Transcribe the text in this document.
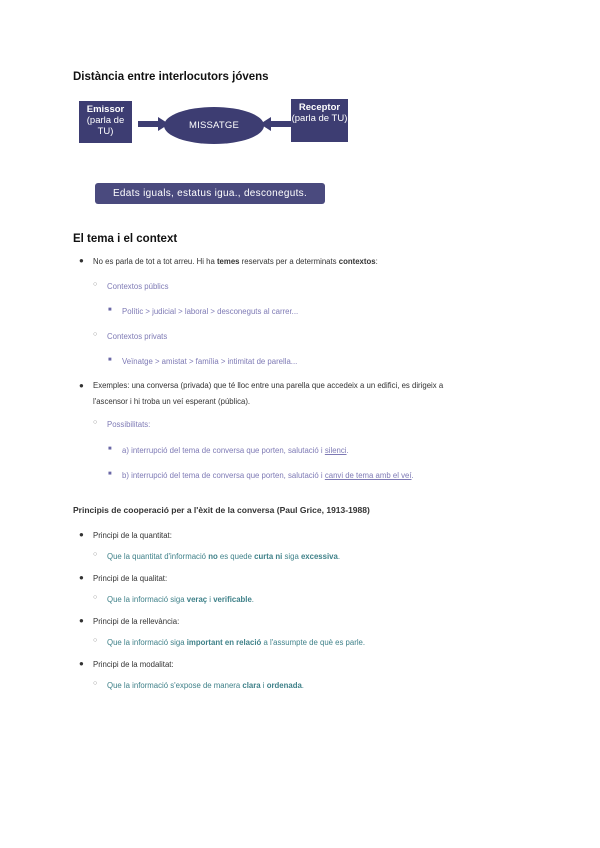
Distància entre interlocutors jóvens
Emissor
(parla de TU)
MISSATGE
Receptor
(parla de TU)
Edats iguals, estatus igua., desconeguts.
El tema i el context
● No es parla de tot a tot arreu. Hi ha temes reservats per a determinats contextos:
○ Contextos públics
■ Polític > judicial > laboral > desconeguts al carrer...
○ Contextos privats
■ Veïnatge > amistat > família > intimitat de parella...
● Exemples: una conversa (privada) que té lloc entre una parella que accedeix a un edifici, es dirigeix a
l'ascensor i hi troba un veí esperant (pública).
○ Possibilitats:
■ a) interrupció del tema de conversa que porten, salutació i silenci.
■ b) interrupció del tema de conversa que porten, salutació i canvi de tema amb el veí.
Principis de cooperació per a l'èxit de la conversa (Paul Grice, 1913-1988)
● Principi de la quantitat:
○ Que la quantitat d'informació no es quede curta ni siga excessiva.
● Principi de la qualitat:
○ Que la informació siga veraç i verificable.
● Principi de la rellevància:
○ Que la informació siga important en relació a l'assumpte de què es parle.
● Principi de la modalitat:
○ Que la informació s'expose de manera clara i ordenada.
